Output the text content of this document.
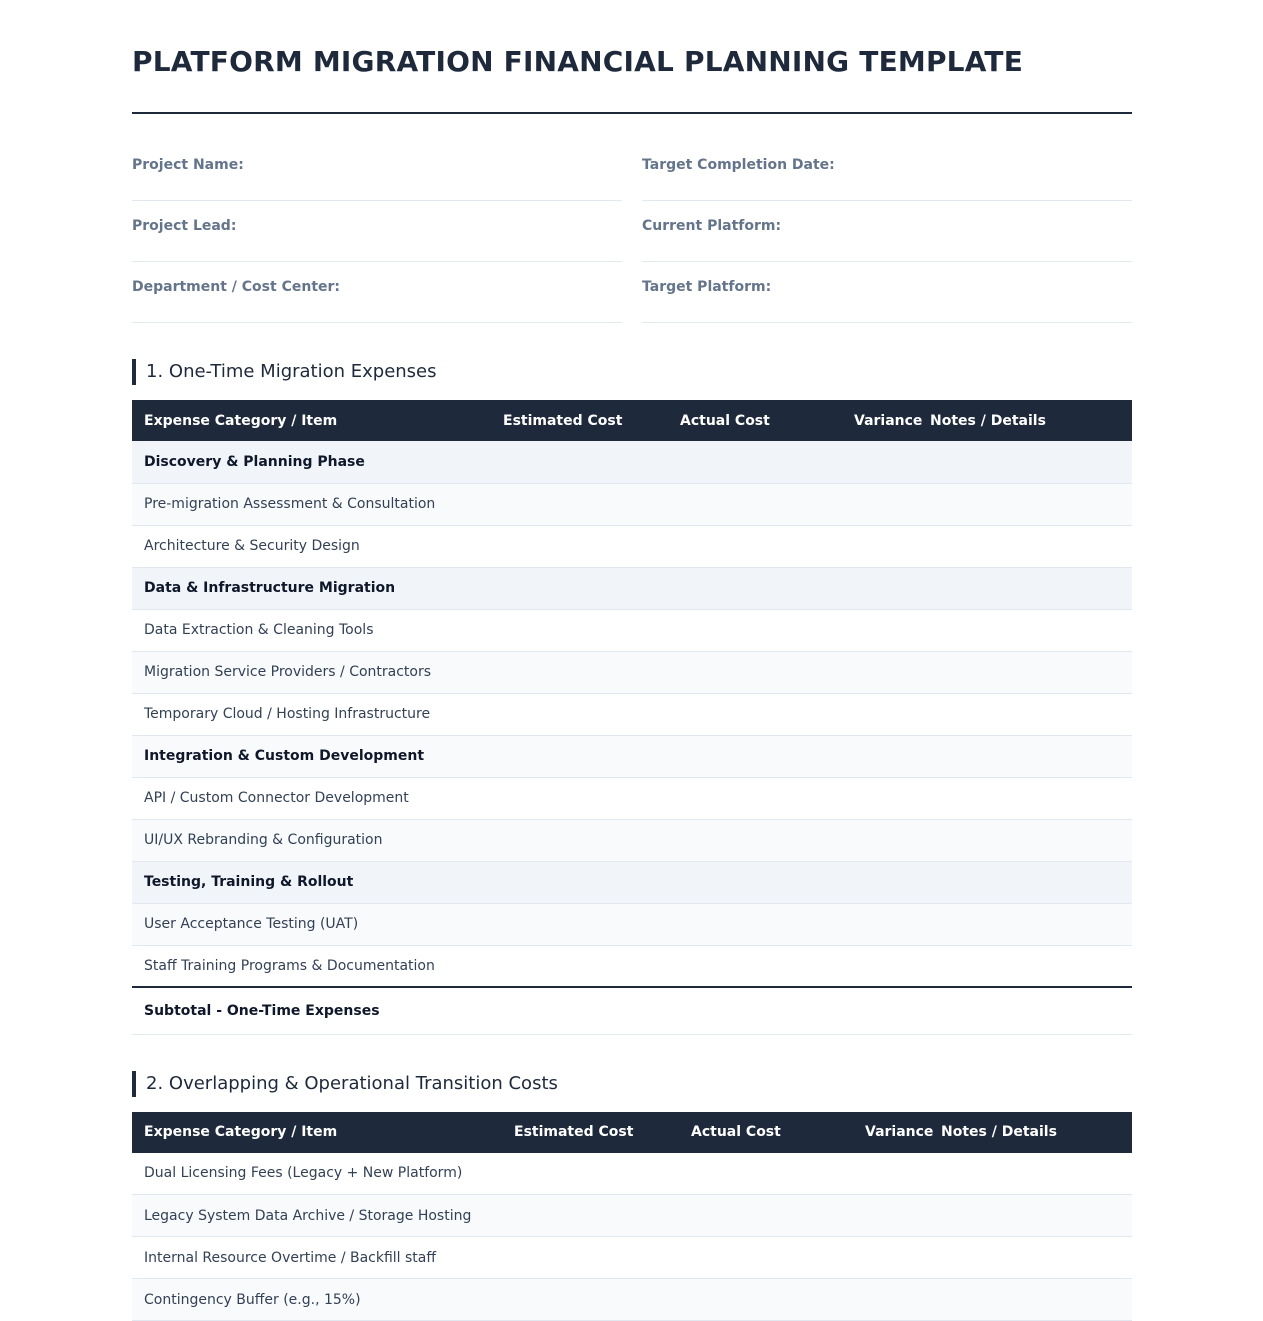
PLATFORM MIGRATION FINANCIAL PLANNING TEMPLATE
Project Name:	Target Completion Date:
Project Lead:	Current Platform:
Department / Cost Center:	Target Platform:
1. One-Time Migration Expenses
Expense Category / Item	Estimated Cost	Actual Cost	Variance	Notes / Details
Discovery & Planning Phase				
Pre-migration Assessment & Consultation				
Architecture & Security Design				
Data & Infrastructure Migration				
Data Extraction & Cleaning Tools				
Migration Service Providers / Contractors				
Temporary Cloud / Hosting Infrastructure				
Integration & Custom Development				
API / Custom Connector Development				
UI/UX Rebranding & Configuration				
Testing, Training & Rollout				
User Acceptance Testing (UAT)				
Staff Training Programs & Documentation				
Subtotal - One-Time Expenses				
2. Overlapping & Operational Transition Costs
Expense Category / Item	Estimated Cost	Actual Cost	Variance	Notes / Details
Dual Licensing Fees (Legacy + New Platform)				
Legacy System Data Archive / Storage Hosting				
Internal Resource Overtime / Backfill staff				
Contingency Buffer (e.g., 15%)				
